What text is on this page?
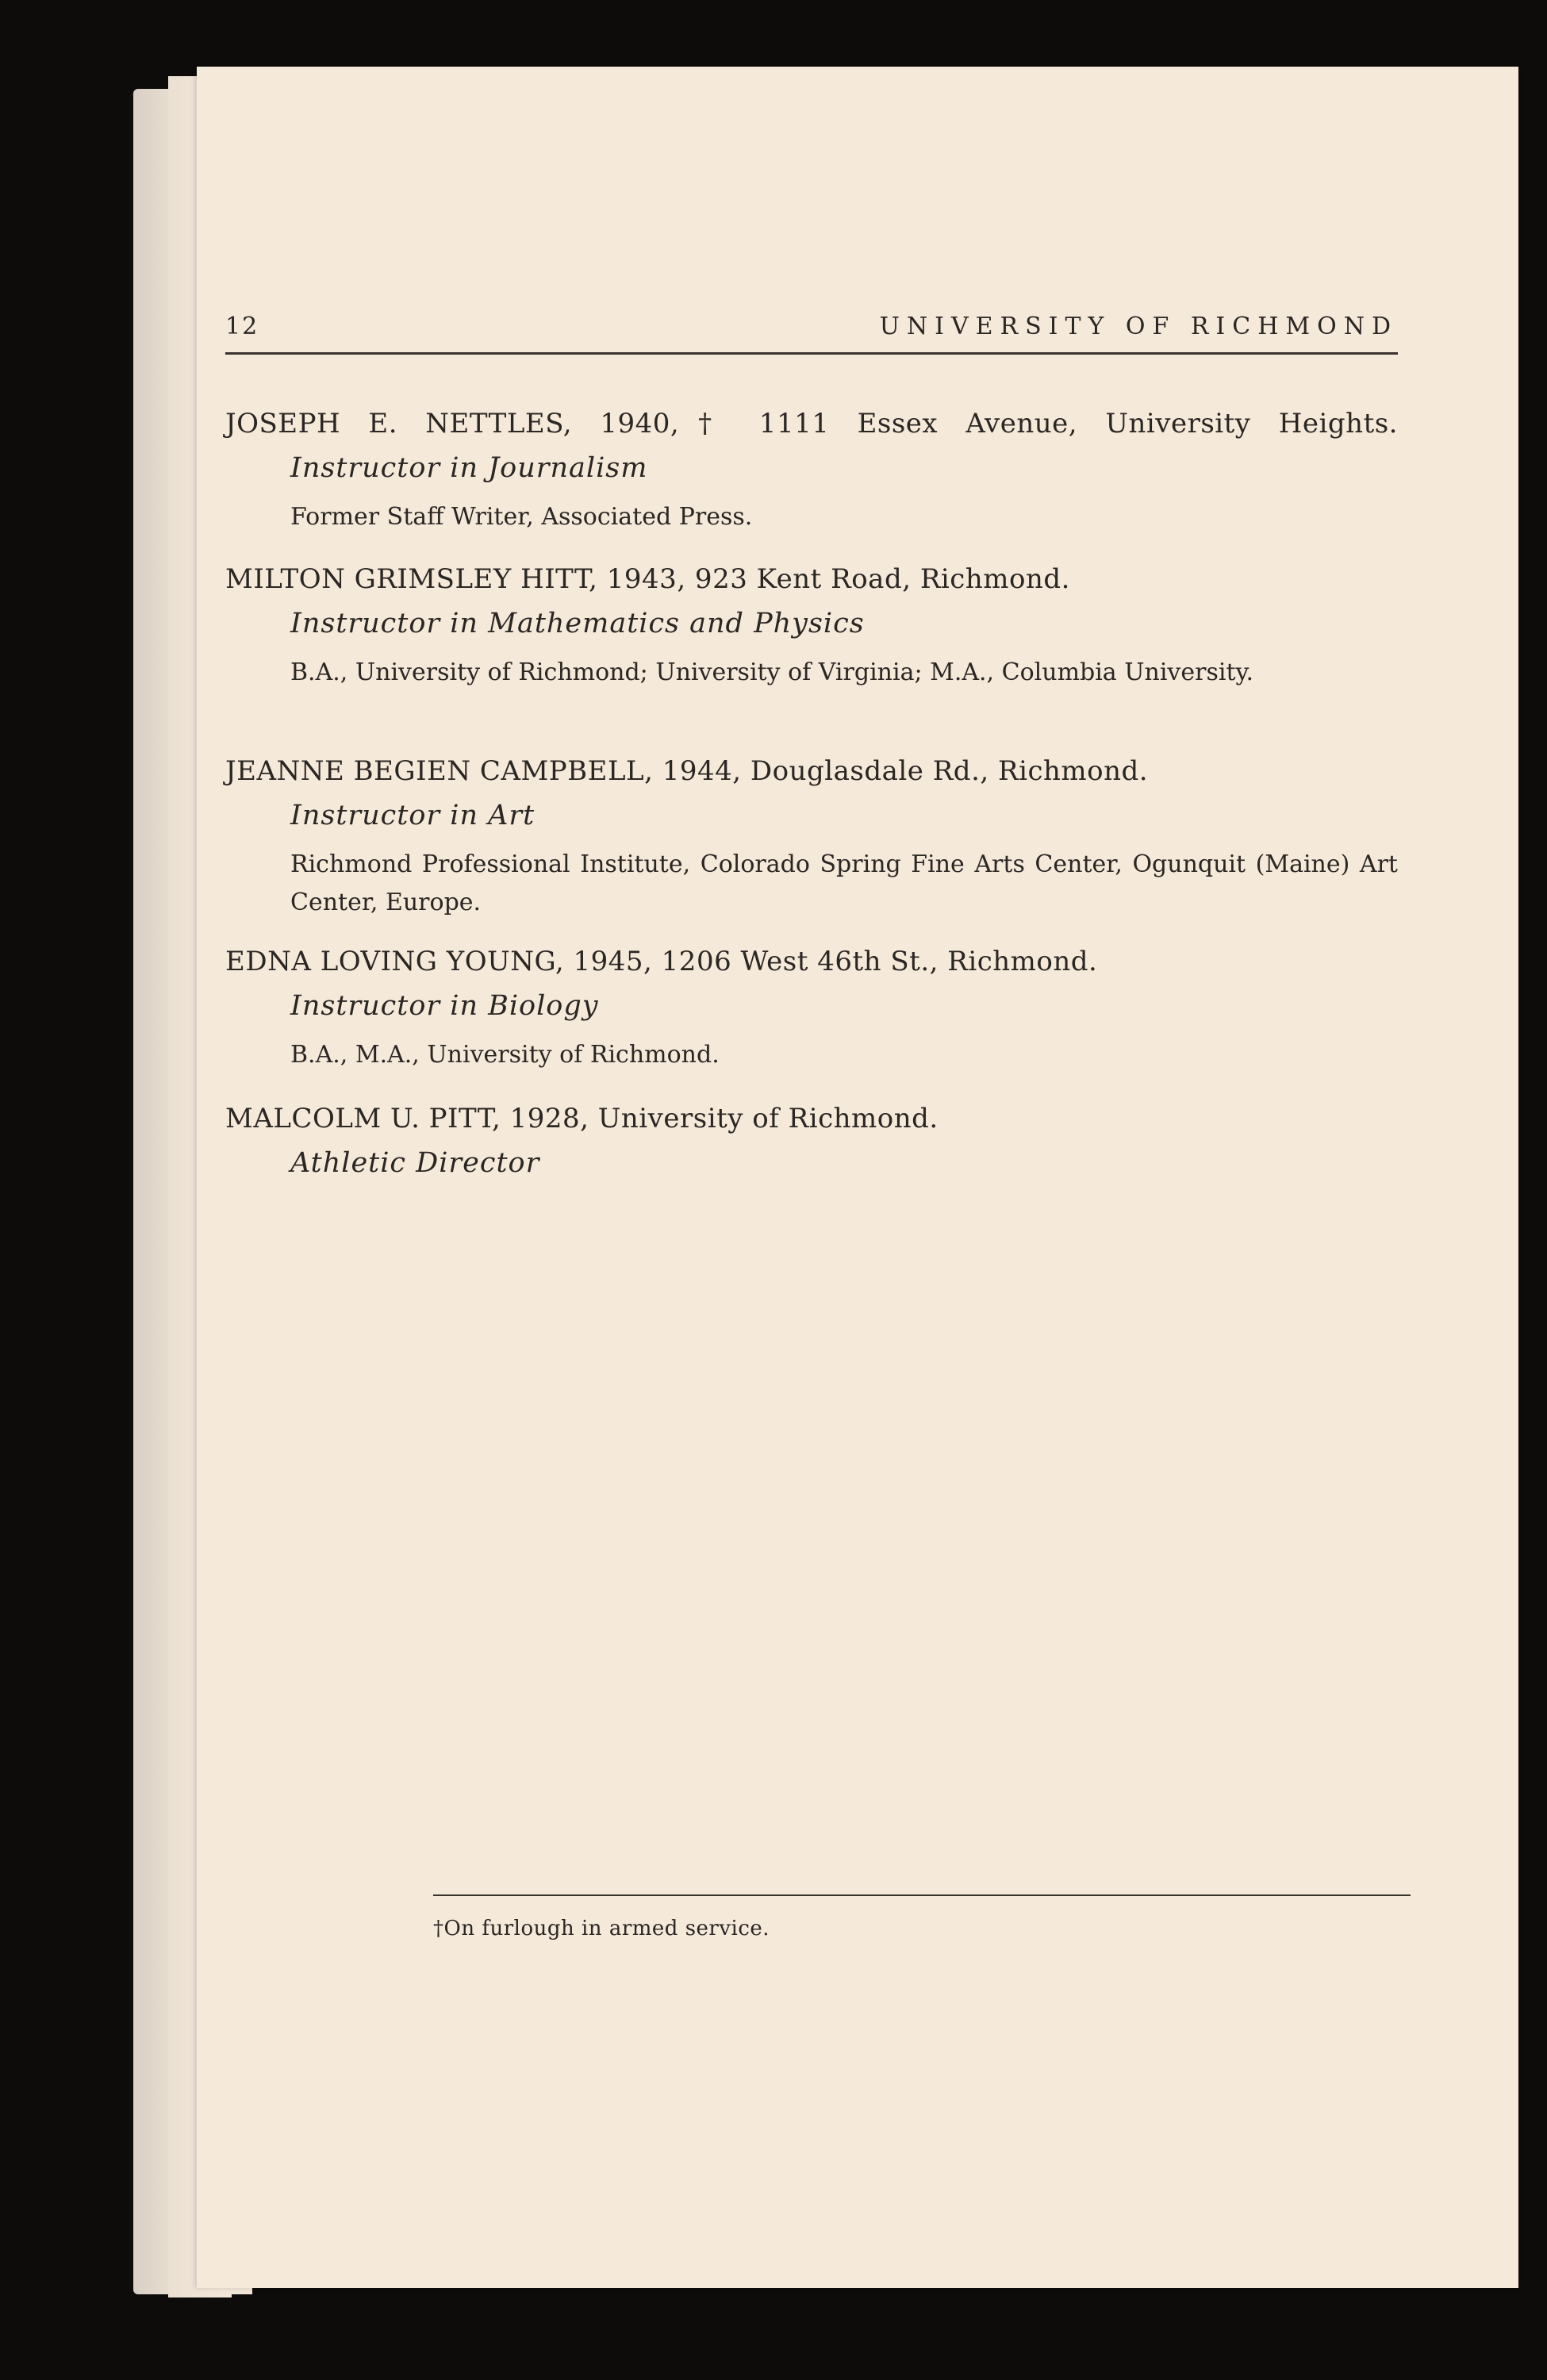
12	UNIVERSITY OF RICHMOND
JOSEPH E. NETTLES, 1940,† 1111 Essex Avenue, University Heights.
Instructor in Journalism
Former Staff Writer, Associated Press.
MILTON GRIMSLEY HITT, 1943, 923 Kent Road, Richmond.
Instructor in Mathematics and Physics
B.A., University of Richmond; University of Virginia; M.A., Columbia University.
JEANNE BEGIEN CAMPBELL, 1944, Douglasdale Rd., Richmond.
Instructor in Art
Richmond Professional Institute, Colorado Spring Fine Arts Center, Ogunquit (Maine) Art Center, Europe.
EDNA LOVING YOUNG, 1945, 1206 West 46th St., Richmond.
Instructor in Biology
B.A., M.A., University of Richmond.
MALCOLM U. PITT, 1928, University of Richmond.
Athletic Director
†On furlough in armed service.
